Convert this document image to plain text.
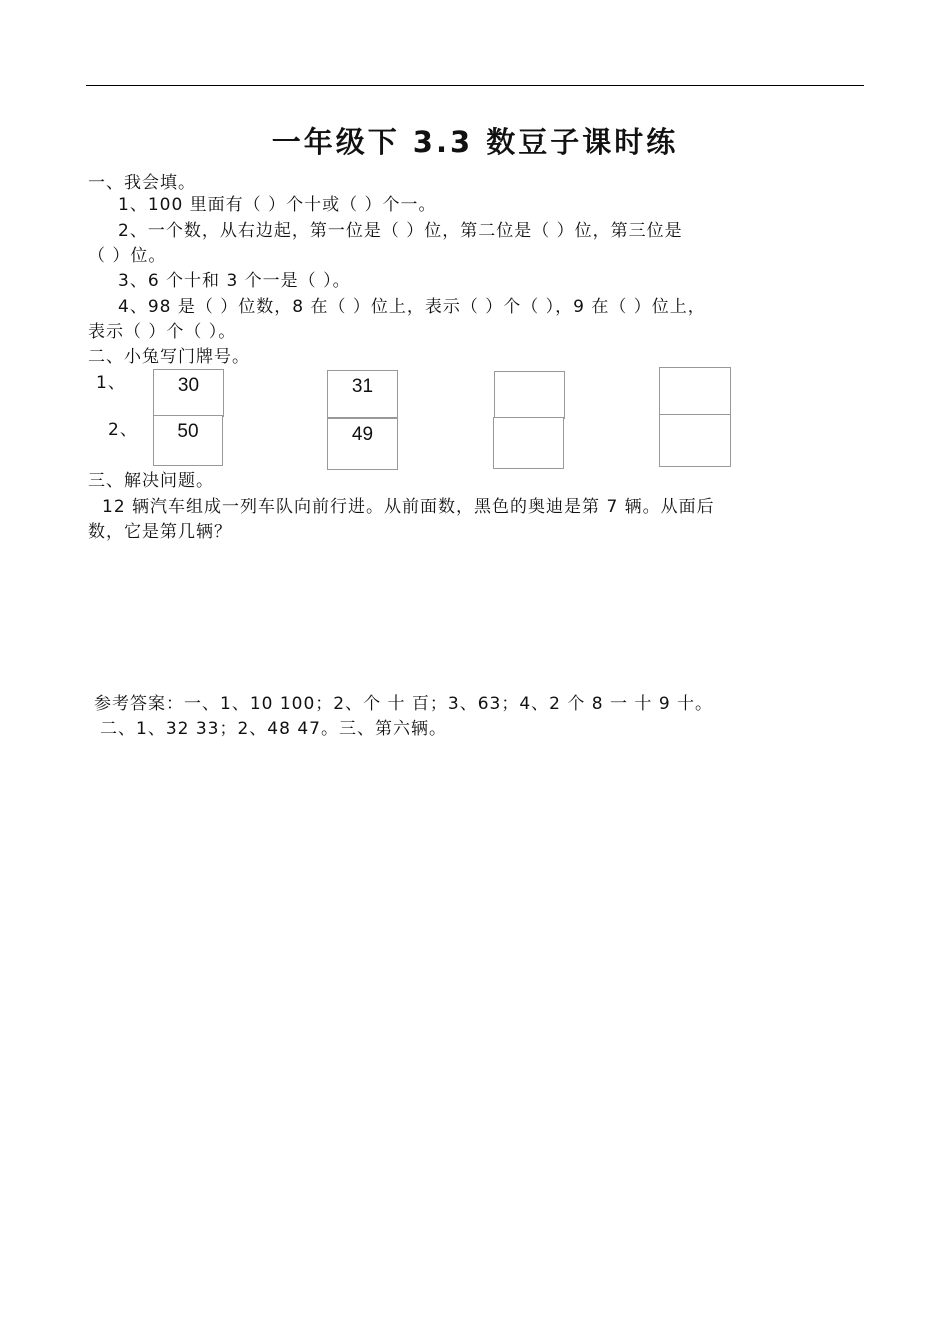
一年级下 3.3 数豆子课时练
一、我会填。
1、100 里面有（ ）个十或（ ）个一。
2、一个数，从右边起，第一位是（ ）位，第二位是（ ）位，第三位是
（ ）位。
3、6 个十和 3 个一是（ ）。
4、98 是（ ）位数，8 在（ ）位上，表示（ ）个（ ），9 在（ ）位上，
表示（ ）个（ ）。
二、小兔写门牌号。
1、
2、
30	31
50	49
三、解决问题。
12 辆汽车组成一列车队向前行进。从前面数，黑色的奥迪是第 7 辆。从面后
数，它是第几辆？
参考答案：一、1、10 100；2、个 十 百；3、63；4、2 个 8 一 十 9 十。
二、1、32 33；2、48 47。三、第六辆。
